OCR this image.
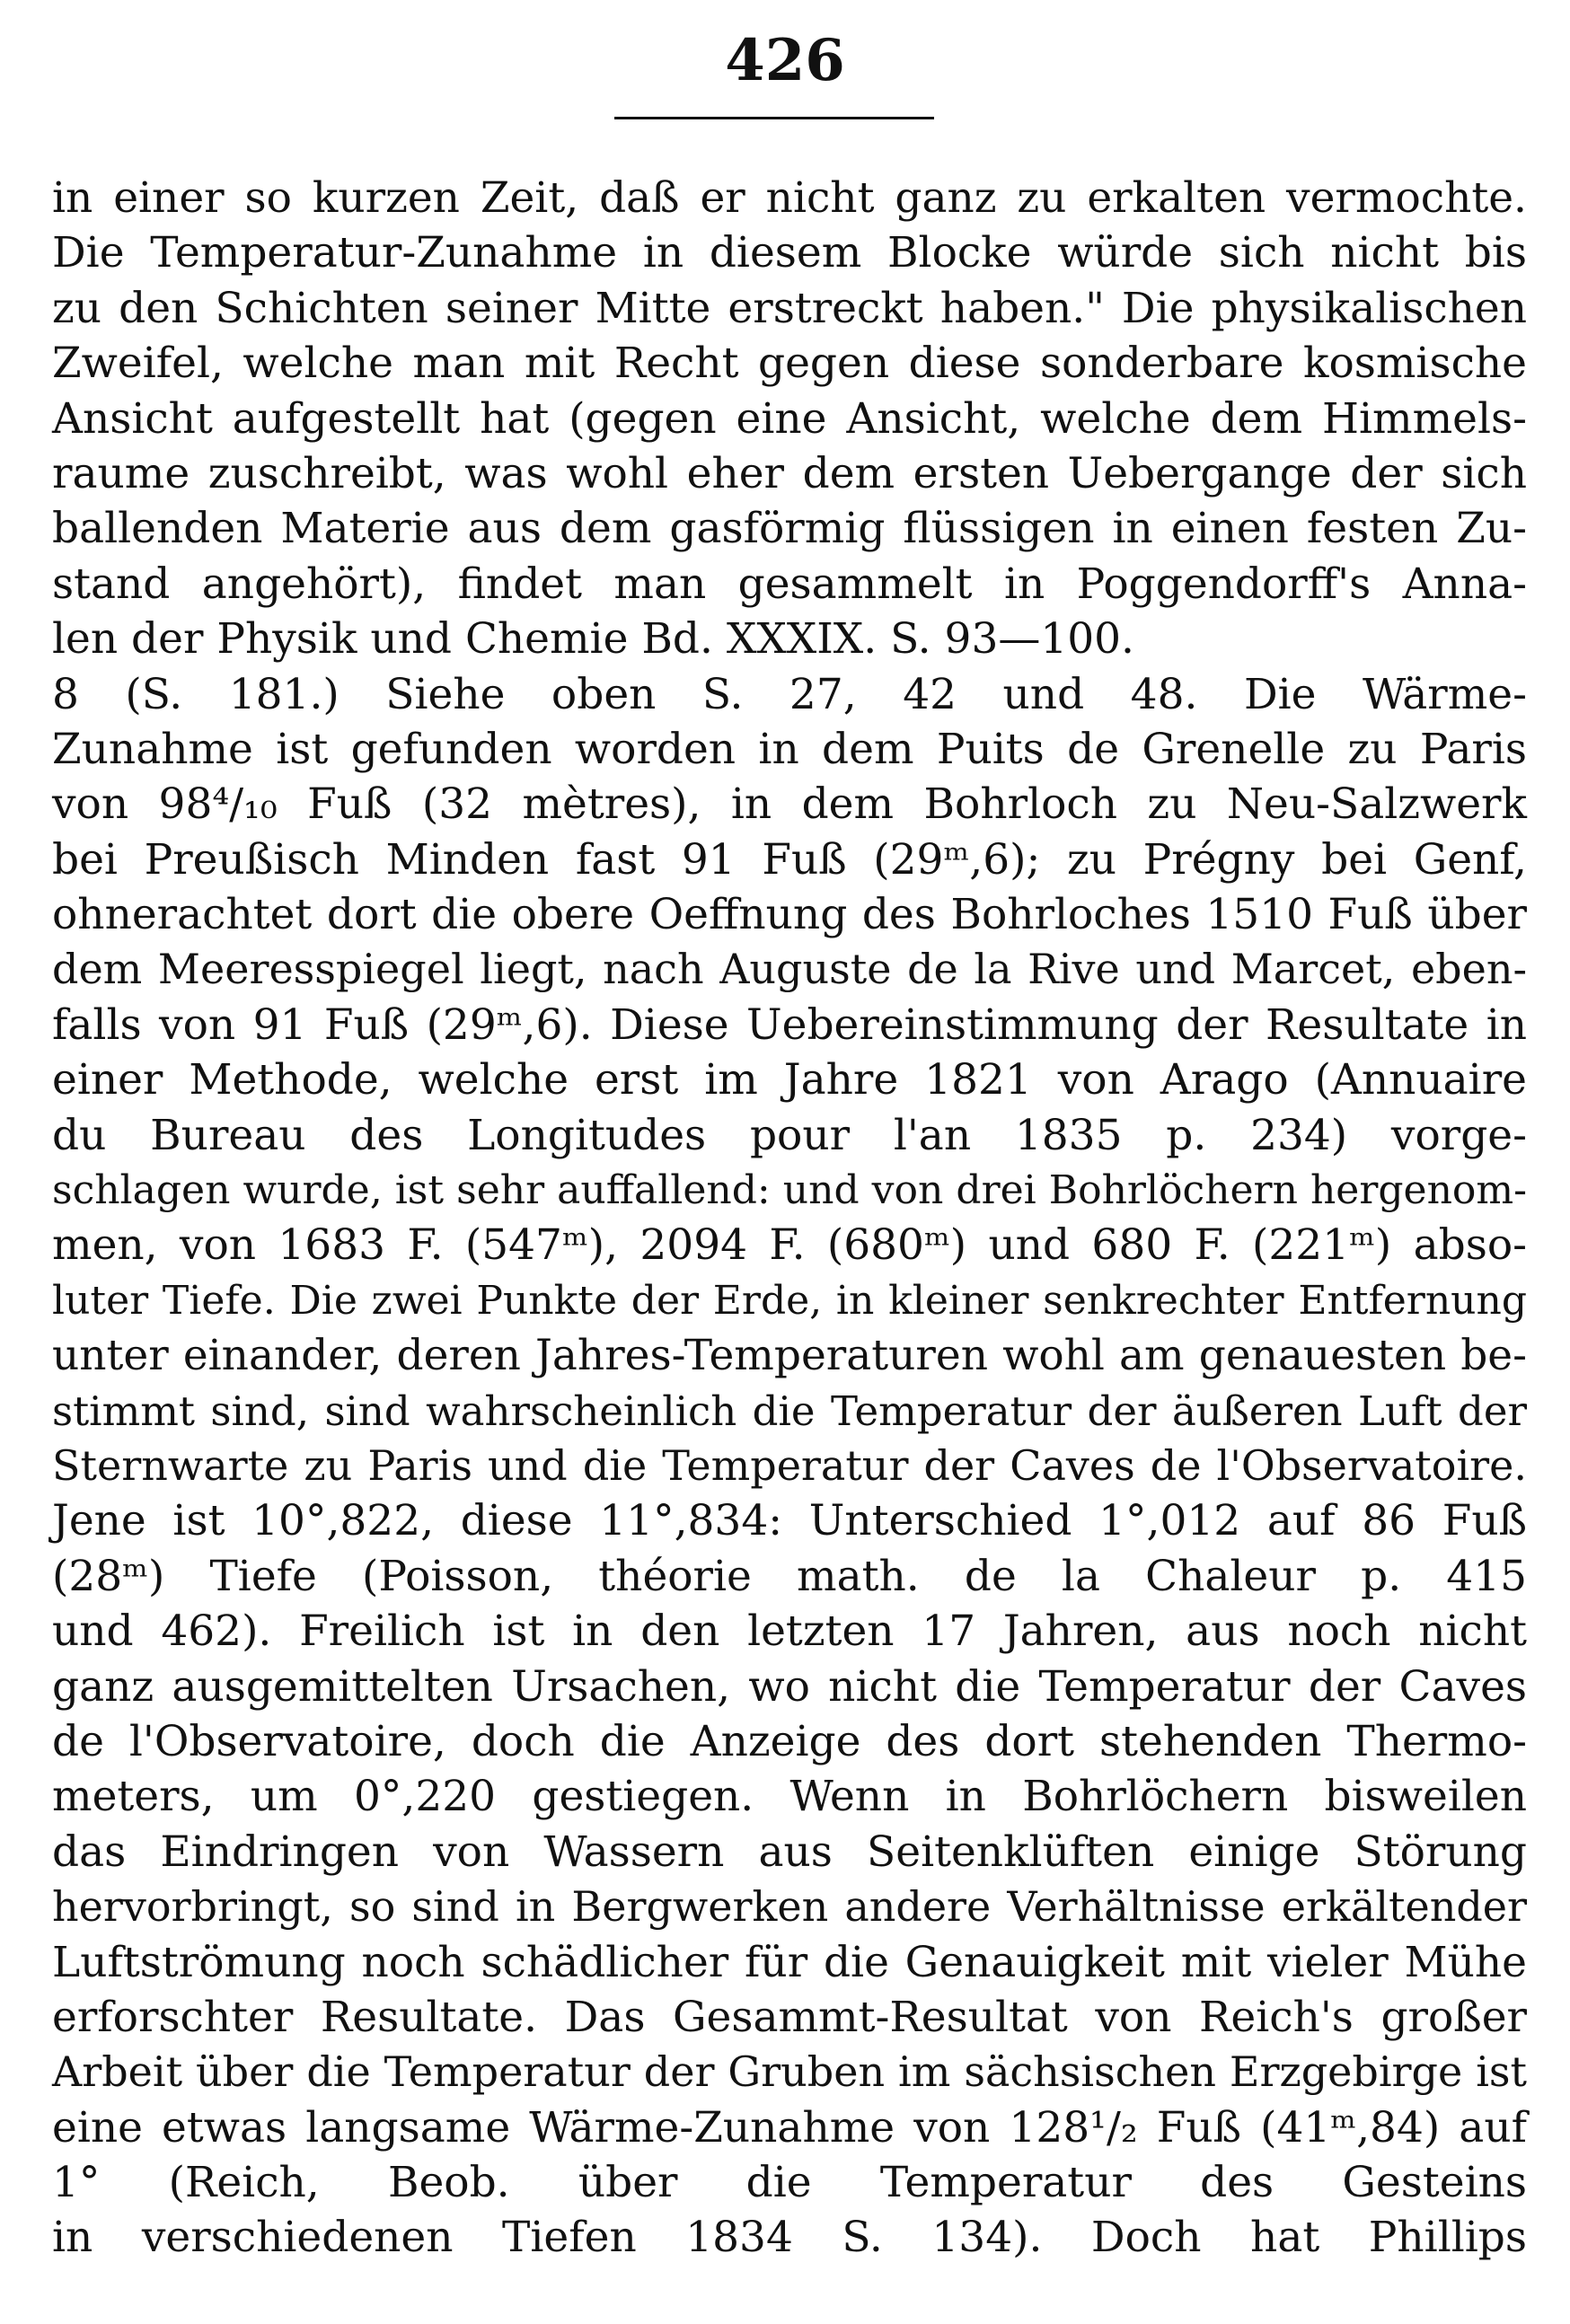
426
in einer so kurzen Zeit, daß er nicht ganz zu erkalten vermochte.
Die Temperatur-Zunahme in diesem Blocke würde sich nicht bis
zu den Schichten seiner Mitte erstreckt haben." Die physikalischen
Zweifel, welche man mit Recht gegen diese sonderbare kosmische
Ansicht aufgestellt hat (gegen eine Ansicht, welche dem Himmels-
raume zuschreibt, was wohl eher dem ersten Uebergange der sich
ballenden Materie aus dem gasförmig flüssigen in einen festen Zu-
stand angehört), findet man gesammelt in Poggendorff's Anna-
len der Physik und Chemie Bd. XXXIX. S. 93—100.
8 (S. 181.) Siehe oben S. 27, 42 und 48. Die Wärme-
Zunahme ist gefunden worden in dem Puits de Grenelle zu Paris
von 98⁴/₁₀ Fuß (32 mètres), in dem Bohrloch zu Neu-Salzwerk
bei Preußisch Minden fast 91 Fuß (29ᵐ,6); zu Prégny bei Genf,
ohnerachtet dort die obere Oeffnung des Bohrloches 1510 Fuß über
dem Meeresspiegel liegt, nach Auguste de la Rive und Marcet, eben-
falls von 91 Fuß (29ᵐ,6). Diese Uebereinstimmung der Resultate in
einer Methode, welche erst im Jahre 1821 von Arago (Annuaire
du Bureau des Longitudes pour l'an 1835 p. 234) vorge-
schlagen wurde, ist sehr auffallend: und von drei Bohrlöchern hergenom-
men, von 1683 F. (547ᵐ), 2094 F. (680ᵐ) und 680 F. (221ᵐ) abso-
luter Tiefe. Die zwei Punkte der Erde, in kleiner senkrechter Entfernung
unter einander, deren Jahres-Temperaturen wohl am genauesten be-
stimmt sind, sind wahrscheinlich die Temperatur der äußeren Luft der
Sternwarte zu Paris und die Temperatur der Caves de l'Observatoire.
Jene ist 10°,822, diese 11°,834: Unterschied 1°,012 auf 86 Fuß
(28ᵐ) Tiefe (Poisson, théorie math. de la Chaleur p. 415
und 462). Freilich ist in den letzten 17 Jahren, aus noch nicht
ganz ausgemittelten Ursachen, wo nicht die Temperatur der Caves
de l'Observatoire, doch die Anzeige des dort stehenden Thermo-
meters, um 0°,220 gestiegen. Wenn in Bohrlöchern bisweilen
das Eindringen von Wassern aus Seitenklüften einige Störung
hervorbringt, so sind in Bergwerken andere Verhältnisse erkältender
Luftströmung noch schädlicher für die Genauigkeit mit vieler Mühe
erforschter Resultate. Das Gesammt-Resultat von Reich's großer
Arbeit über die Temperatur der Gruben im sächsischen Erzgebirge ist
eine etwas langsame Wärme-Zunahme von 128¹/₂ Fuß (41ᵐ,84) auf
1° (Reich, Beob. über die Temperatur des Gesteins
in verschiedenen Tiefen 1834 S. 134). Doch hat Phillips
